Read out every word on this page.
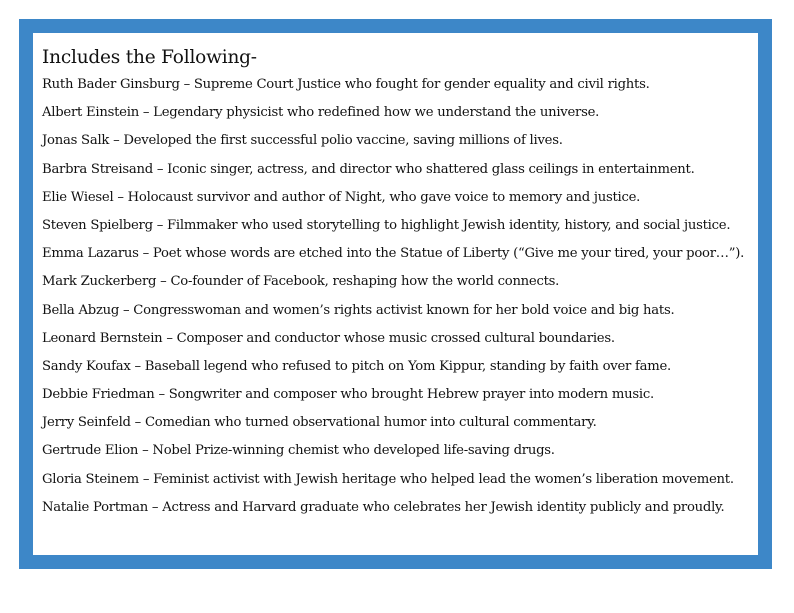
Includes the Following-
Ruth Bader Ginsburg – Supreme Court Justice who fought for gender equality and civil rights.
Albert Einstein – Legendary physicist who redefined how we understand the universe.
Jonas Salk – Developed the first successful polio vaccine, saving millions of lives.
Barbra Streisand – Iconic singer, actress, and director who shattered glass ceilings in entertainment.
Elie Wiesel – Holocaust survivor and author of Night, who gave voice to memory and justice.
Steven Spielberg – Filmmaker who used storytelling to highlight Jewish identity, history, and social justice.
Emma Lazarus – Poet whose words are etched into the Statue of Liberty (“Give me your tired, your poor…”).
Mark Zuckerberg – Co-founder of Facebook, reshaping how the world connects.
Bella Abzug – Congresswoman and women’s rights activist known for her bold voice and big hats.
Leonard Bernstein – Composer and conductor whose music crossed cultural boundaries.
Sandy Koufax – Baseball legend who refused to pitch on Yom Kippur, standing by faith over fame.
Debbie Friedman – Songwriter and composer who brought Hebrew prayer into modern music.
Jerry Seinfeld – Comedian who turned observational humor into cultural commentary.
Gertrude Elion – Nobel Prize-winning chemist who developed life-saving drugs.
Gloria Steinem – Feminist activist with Jewish heritage who helped lead the women’s liberation movement.
Natalie Portman – Actress and Harvard graduate who celebrates her Jewish identity publicly and proudly.
